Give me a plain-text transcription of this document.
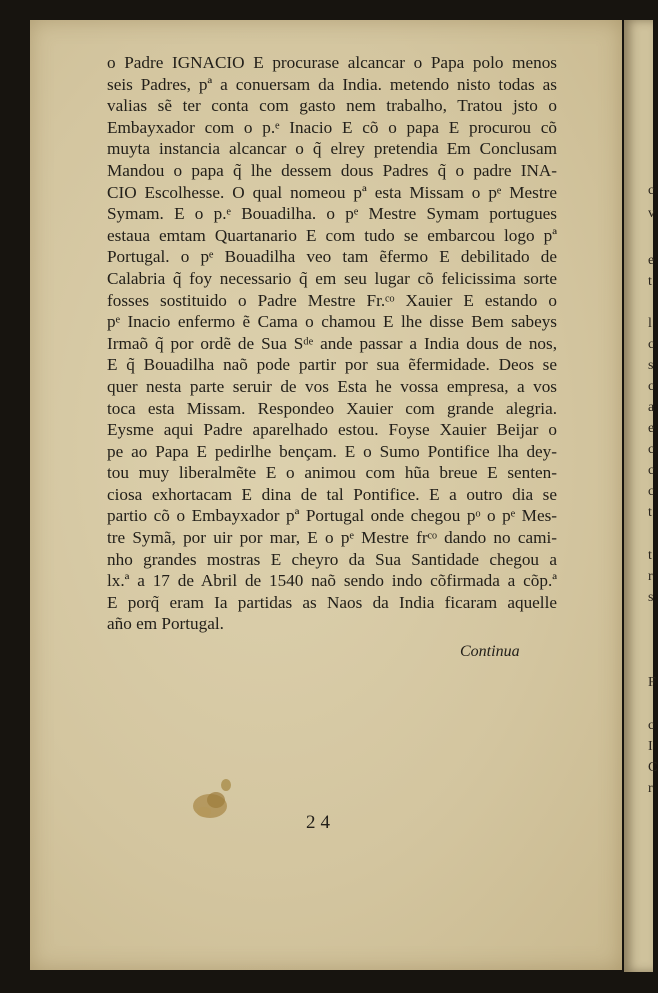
o Padre IGNACIO E procurase alcancar o Papa polo menos
seis Padres, pª a conuersam da India. metendo nisto todas as
valias sẽ ter conta com gasto nem trabalho, Tratou jsto o
Embayxador com o p.ᵉ Inacio E cõ o papa E procurou cõ
muyta instancia alcancar o q̃ elrey pretendia Em Conclusam
Mandou o papa q̃ lhe dessem dous Padres q̃ o padre INA-
CIO Escolhesse. O qual nomeou pª esta Missam o pᵉ Mestre
Symam. E o p.ᵉ Bouadilha. o pᵉ Mestre Symam portugues
estaua emtam Quartanario E com tudo se embarcou logo pª
Portugal. o pᵉ Bouadilha veo tam ẽfermo E debilitado de
Calabria q̃ foy necessario q̃ em seu lugar cõ felicissima sorte
fosses sostituido o Padre Mestre Fr.ᶜᵒ Xauier E estando o
pᵉ Inacio enfermo ẽ Cama o chamou E lhe disse Bem sabeys
Irmaõ q̃ por ordẽ de Sua Sᵈᵉ ande passar a India dous de nos,
E q̃ Bouadilha naõ pode partir por sua ẽfermidade. Deos se
quer nesta parte seruir de vos Esta he vossa empresa, a vos
toca esta Missam. Respondeo Xauier com grande alegria.
Eysme aqui Padre aparelhado estou. Foyse Xauier Beijar o
pe ao Papa E pedirlhe bençam. E o Sumo Pontifice lha dey-
tou muy liberalmẽte E o animou com hũa breue E senten-
ciosa exhortacam E dina de tal Pontifice. E a outro dia se
partio cõ o Embayxador pª Portugal onde chegou pᵒ o pᵉ Mes-
tre Symã, por uir por mar, E o pᵉ Mestre frᶜᵒ dando no cami-
nho grandes mostras E cheyro da Sua Santidade chegou a
lx.ª a 17 de Abril de 1540 naõ sendo indo cõfirmada a cõp.ª
E porq̃ eram Ia partidas as Naos da India ficaram aquelle
año em Portugal.
Continua
24
c
v
e
t
l
c
s
c
a
e
c
c
c
t
t
r
s
F
c
I
C
r
